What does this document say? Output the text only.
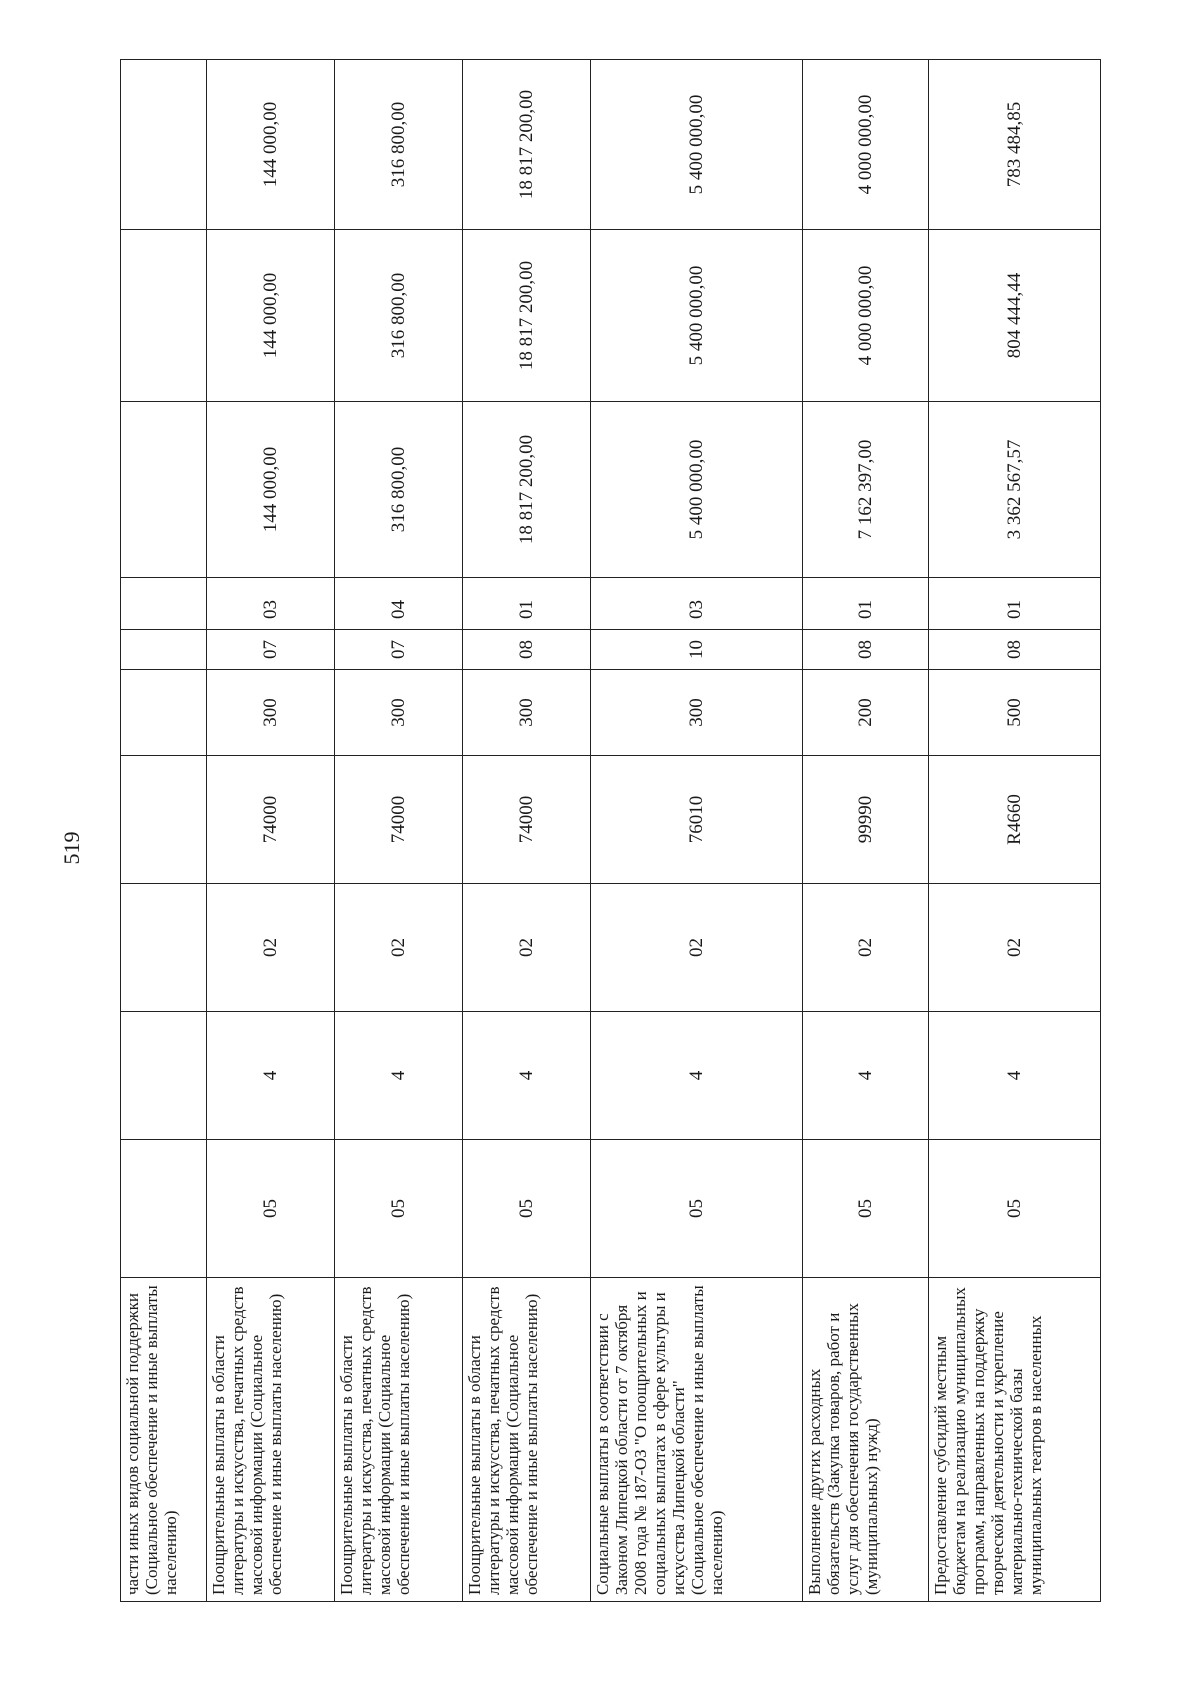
519
части иных видов социальной поддержки (Социальное обеспечение и иные выплаты населению)										
Поощрительные выплаты в области литературы и искусства, печатных средств массовой информации (Социальное обеспечение и иные выплаты населению)	05	4	02	74000	300	07	03	144 000,00	144 000,00	144 000,00
Поощрительные выплаты в области литературы и искусства, печатных средств массовой информации (Социальное обеспечение и иные выплаты населению)	05	4	02	74000	300	07	04	316 800,00	316 800,00	316 800,00
Поощрительные выплаты в области литературы и искусства, печатных средств массовой информации (Социальное обеспечение и иные выплаты населению)	05	4	02	74000	300	08	01	18 817 200,00	18 817 200,00	18 817 200,00
Социальные выплаты в соответствии с Законом Липецкой области от 7 октября 2008 года № 187-ОЗ "О поощрительных и социальных выплатах в сфере культуры и искусства Липецкой области" (Социальное обеспечение и иные выплаты населению)	05	4	02	76010	300	10	03	5 400 000,00	5 400 000,00	5 400 000,00
Выполнение других расходных обязательств (Закупка товаров, работ и услуг для обеспечения государственных (муниципальных) нужд)	05	4	02	99990	200	08	01	7 162 397,00	4 000 000,00	4 000 000,00
Предоставление субсидий местным бюджетам на реализацию муниципальных программ, направленных на поддержку творческой деятельности и укрепление материально-технической базы муниципальных театров в населенных	05	4	02	R4660	500	08	01	3 362 567,57	804 444,44	783 484,85
